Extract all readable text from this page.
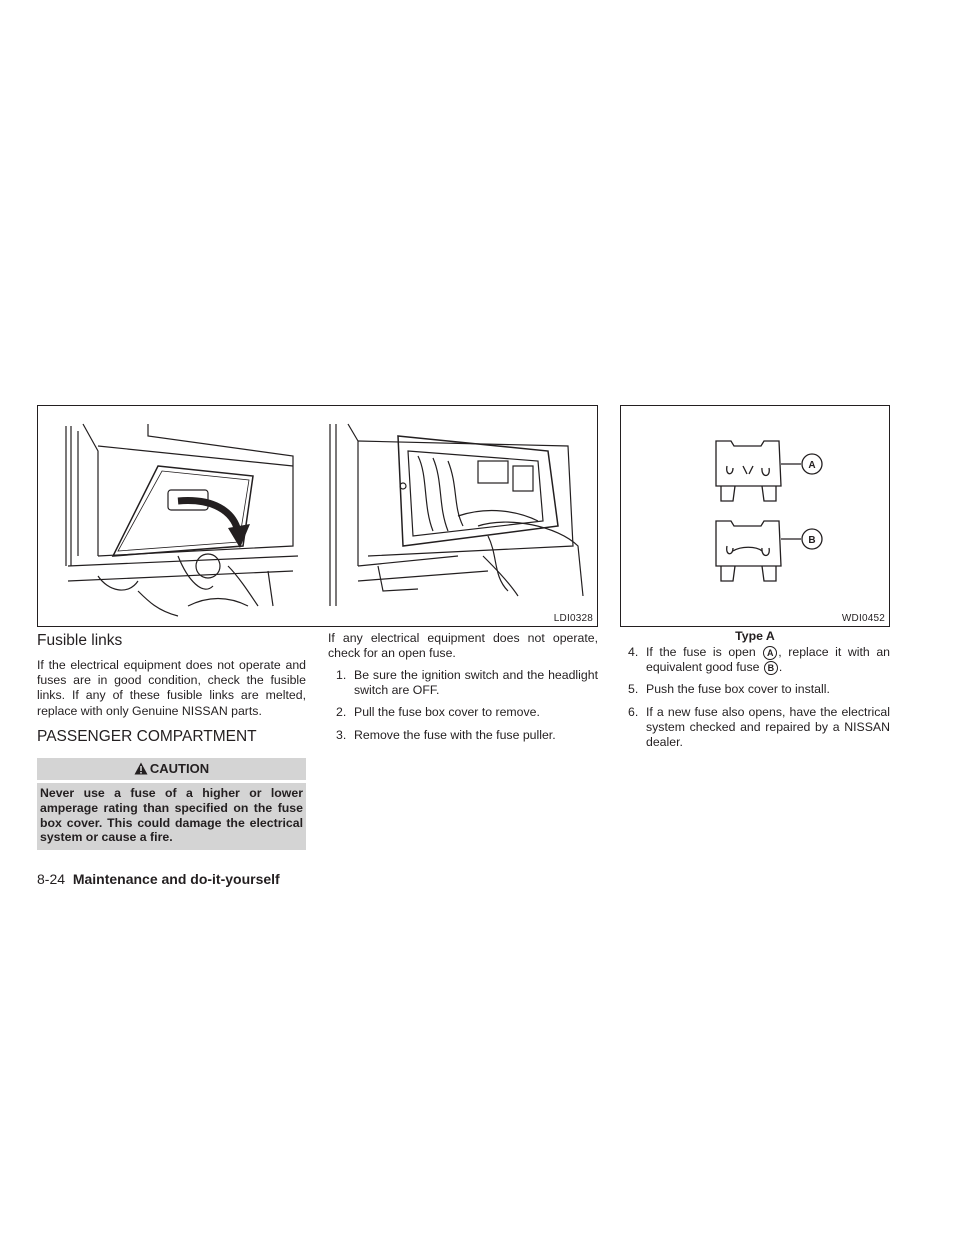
LDI0328
A
B
WDI0452
Type A
Fusible links
If the electrical equipment does not operate and fuses are in good condition, check the fusible links. If any of these fusible links are melted, replace with only Genuine NISSAN parts.
PASSENGER COMPARTMENT
CAUTION
Never use a fuse of a higher or lower amperage rating than specified on the fuse box cover. This could damage the electrical system or cause a fire.
If any electrical equipment does not operate, check for an open fuse.
1. Be sure the ignition switch and the headlight switch are OFF.
2. Pull the fuse box cover to remove.
3. Remove the fuse with the fuse puller.
4. If the fuse is open A , replace it with an equivalent good fuse B .
5. Push the fuse box cover to install.
6. If a new fuse also opens, have the electrical system checked and repaired by a NISSAN dealer.
8-24 Maintenance and do-it-yourself
